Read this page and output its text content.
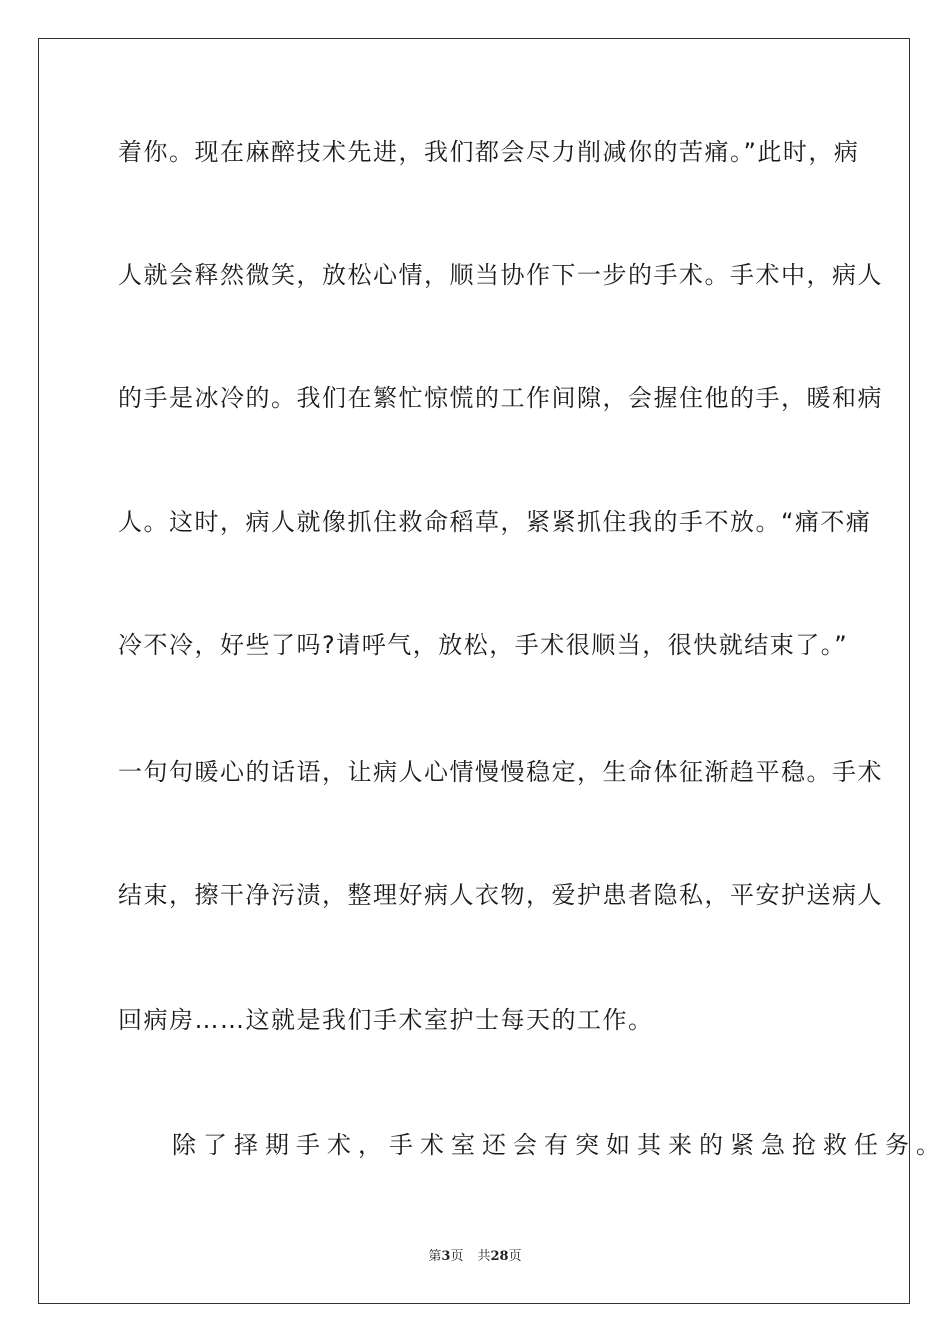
着你。现在麻醉技术先进，我们都会尽力削减你的苦痛。”此时，病

人就会释然微笑，放松心情，顺当协作下一步的手术。手术中，病人

的手是冰冷的。我们在繁忙惊慌的工作间隙，会握住他的手，暖和病

人。这时，病人就像抓住救命稻草，紧紧抓住我的手不放。“痛不痛

冷不冷，好些了吗?请呼气，放松，手术很顺当，很快就结束了。”

一句句暖心的话语，让病人心情慢慢稳定，生命体征渐趋平稳。手术

结束，擦干净污渍，整理好病人衣物，爱护患者隐私，平安护送病人

回病房……这就是我们手术室护士每天的工作。

除了择期手术，手术室还会有突如其来的紧急抢救任务。

第3页 共28页
